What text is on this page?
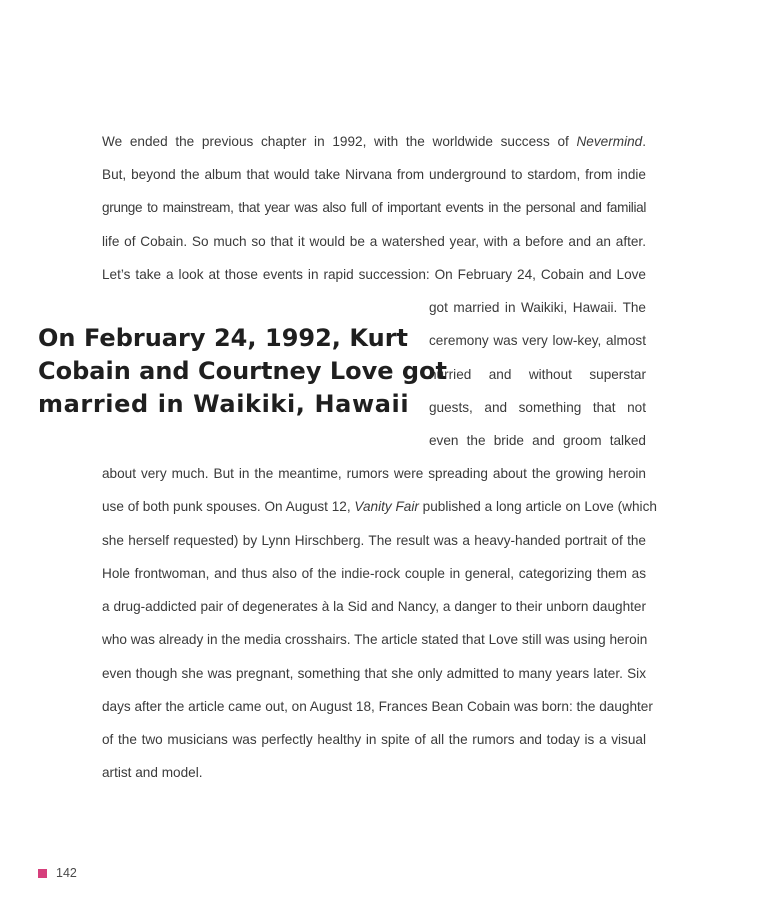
We ended the previous chapter in 1992, with the worldwide success of Nevermind.

But, beyond the album that would take Nirvana from underground to stardom, from indie

grunge to mainstream, that year was also full of important events in the personal and familial

life of Cobain. So much so that it would be a watershed year, with a before and an after.

Let’s take a look at those events in rapid succession: On February 24, Cobain and Love

got married in Waikiki, Hawaii. The

ceremony was very low-key, almost

hurried and without superstar

guests, and something that not

even the bride and groom talked

about very much. But in the meantime, rumors were spreading about the growing heroin

use of both punk spouses. On August 12, Vanity Fair published a long article on Love (which

she herself requested) by Lynn Hirschberg. The result was a heavy-handed portrait of the

Hole frontwoman, and thus also of the indie-rock couple in general, categorizing them as

a drug-addicted pair of degenerates à la Sid and Nancy, a danger to their unborn daughter

who was already in the media crosshairs. The article stated that Love still was using heroin

even though she was pregnant, something that she only admitted to many years later. Six

days after the article came out, on August 18, Frances Bean Cobain was born: the daughter

of the two musicians was perfectly healthy in spite of all the rumors and today is a visual

artist and model.

On February 24, 1992, Kurt
Cobain and Courtney Love got
married in Waikiki, Hawaii
142
